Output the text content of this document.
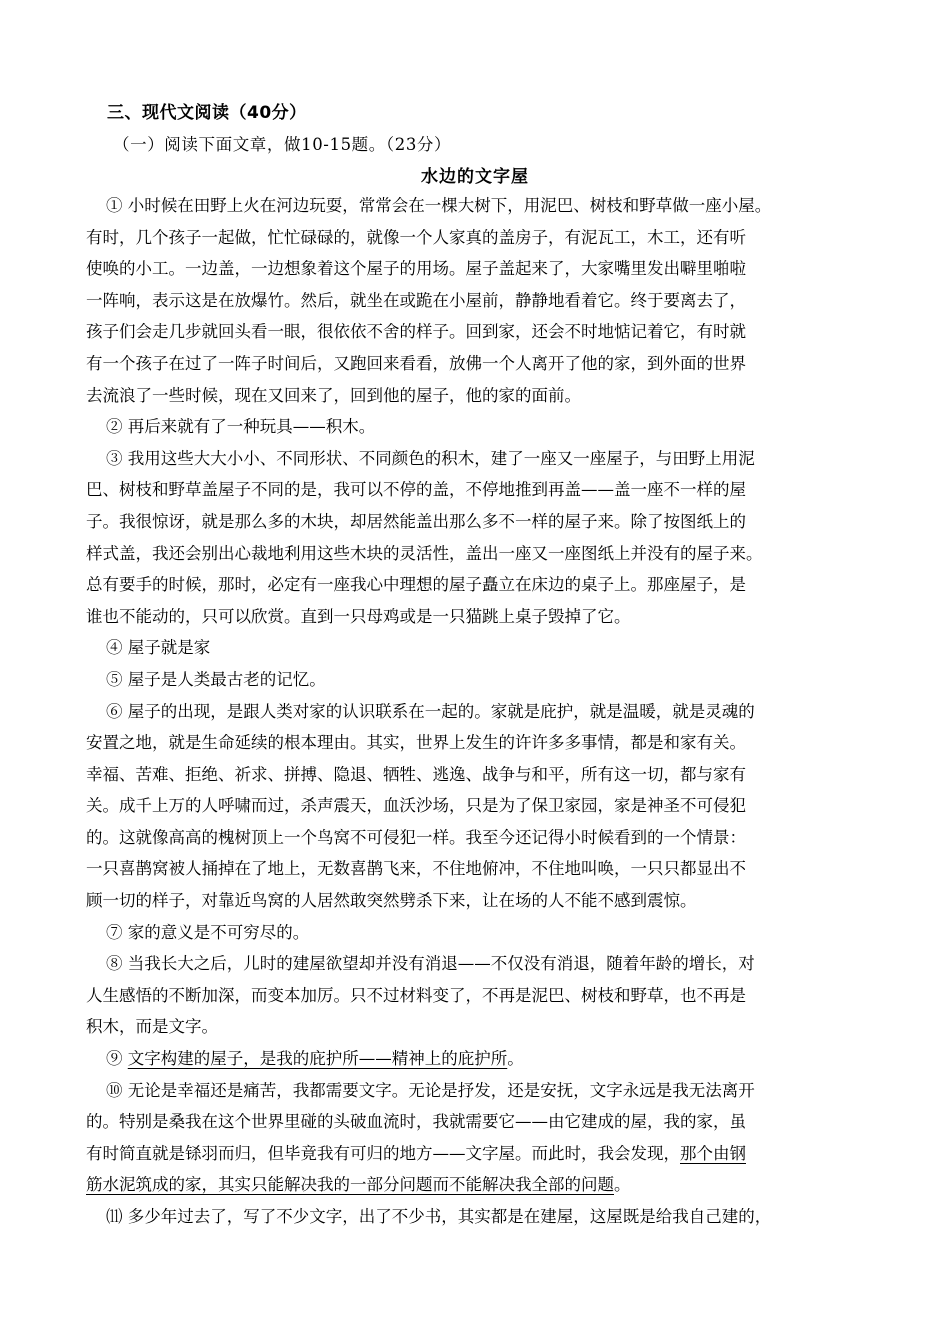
三、现代文阅读（40分）
（一）阅读下面文章，做10-15题。（23分）
水边的文字屋
① 小时候在田野上火在河边玩耍，常常会在一棵大树下，用泥巴、树枝和野草做一座小屋。
有时，几个孩子一起做，忙忙碌碌的，就像一个人家真的盖房子，有泥瓦工，木工，还有听
使唤的小工。一边盖，一边想象着这个屋子的用场。屋子盖起来了，大家嘴里发出噼里啪啦
一阵响，表示这是在放爆竹。然后，就坐在或跪在小屋前，静静地看着它。终于要离去了，
孩子们会走几步就回头看一眼，很依依不舍的样子。回到家，还会不时地惦记着它，有时就
有一个孩子在过了一阵子时间后，又跑回来看看，放佛一个人离开了他的家，到外面的世界
去流浪了一些时候，现在又回来了，回到他的屋子，他的家的面前。
② 再后来就有了一种玩具——积木。
③ 我用这些大大小小、不同形状、不同颜色的积木，建了一座又一座屋子，与田野上用泥
巴、树枝和野草盖屋子不同的是，我可以不停的盖，不停地推到再盖——盖一座不一样的屋
子。我很惊讶，就是那么多的木块，却居然能盖出那么多不一样的屋子来。除了按图纸上的
样式盖，我还会别出心裁地利用这些木块的灵活性，盖出一座又一座图纸上并没有的屋子来。
总有要手的时候，那时，必定有一座我心中理想的屋子矗立在床边的桌子上。那座屋子，是
谁也不能动的，只可以欣赏。直到一只母鸡或是一只猫跳上桌子毁掉了它。
④ 屋子就是家
⑤ 屋子是人类最古老的记忆。
⑥ 屋子的出现，是跟人类对家的认识联系在一起的。家就是庇护，就是温暖，就是灵魂的
安置之地，就是生命延续的根本理由。其实，世界上发生的许许多多事情，都是和家有关。
幸福、苦难、拒绝、祈求、拼搏、隐退、牺牲、逃逸、战争与和平，所有这一切，都与家有
关。成千上万的人呼啸而过，杀声震天，血沃沙场，只是为了保卫家园，家是神圣不可侵犯
的。这就像高高的槐树顶上一个鸟窝不可侵犯一样。我至今还记得小时候看到的一个情景：
一只喜鹊窝被人捅掉在了地上，无数喜鹊飞来，不住地俯冲，不住地叫唤，一只只都显出不
顾一切的样子，对靠近鸟窝的人居然敢突然劈杀下来，让在场的人不能不感到震惊。
⑦ 家的意义是不可穷尽的。
⑧ 当我长大之后，儿时的建屋欲望却并没有消退——不仅没有消退，随着年龄的增长，对
人生感悟的不断加深，而变本加厉。只不过材料变了，不再是泥巴、树枝和野草，也不再是
积木，而是文字。
⑨ 文字构建的屋子，是我的庇护所——精神上的庇护所。
⑩ 无论是幸福还是痛苦，我都需要文字。无论是抒发，还是安抚，文字永远是我无法离开
的。特别是桑我在这个世界里碰的头破血流时，我就需要它——由它建成的屋，我的家，虽
有时简直就是铩羽而归，但毕竟我有可归的地方——文字屋。而此时，我会发现，那个由钢
筋水泥筑成的家，其实只能解决我的一部分问题而不能解决我全部的问题。
⑾ 多少年过去了，写了不少文字，出了不少书，其实都是在建屋，这屋既是给我自己建的，
